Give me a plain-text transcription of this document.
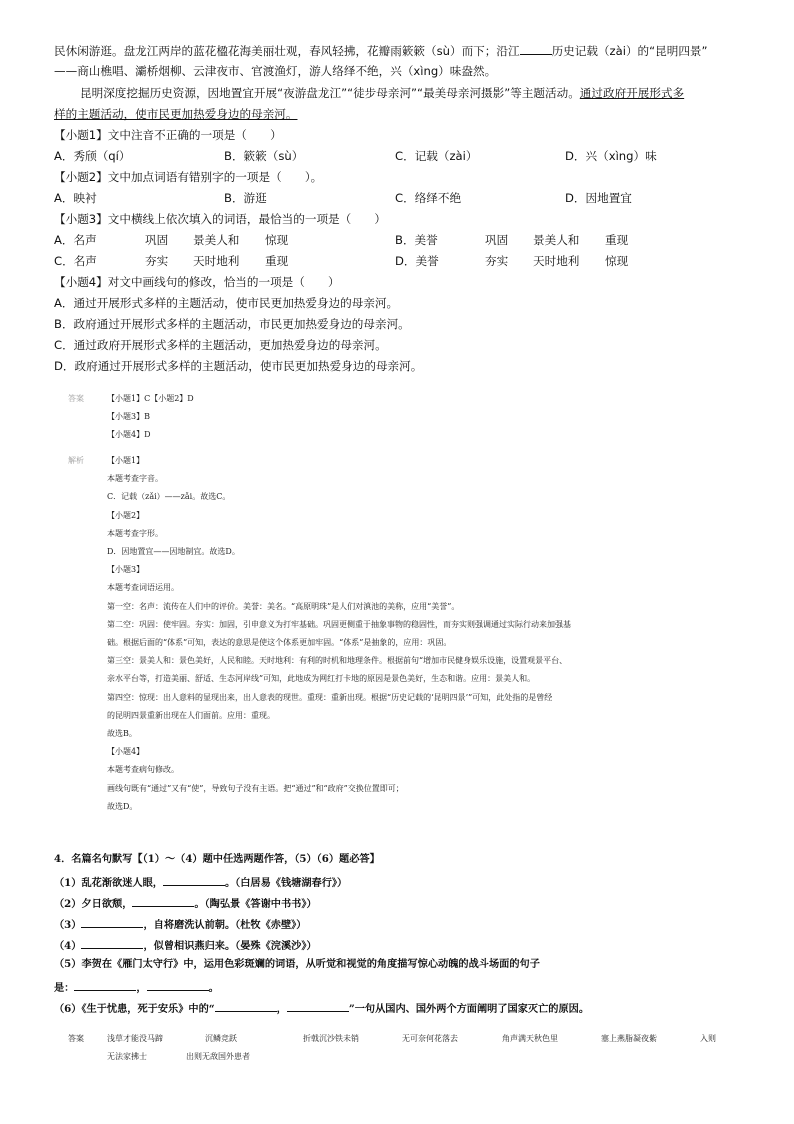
民休闲游逛。盘龙江两岸的蓝花楹花海美丽壮观，春风轻拂，花瓣雨簌簌（sù）而下；沿江	历史记载（zài）的“昆明四景”
——商山樵唱、灞桥烟柳、云津夜市、官渡渔灯，游人络绎不绝，兴（xìng）味盎然。
昆明深度挖掘历史资源，因地置宜开展“夜游盘龙江”“徒步母亲河”“最美母亲河摄影”等主题活动。通过政府开展形式多
样的主题活动，使市民更加热爱身边的母亲河。
【小题1】文中注音不正确的一项是（　　）
A．秀颀（qí）	B．簌簌（sù）	C．记载（zài）	D．兴（xìng）味
【小题2】文中加点词语有错别字的一项是（　　）。
A．映衬	B．游逛	C．络绎不绝	D．因地置宜
【小题3】文中横线上依次填入的词语，最恰当的一项是（　　）
A．名声	巩固 景美人和 惊现	B．美誉	巩固 景美人和 重现
C．名声	夯实 天时地利 重现	D．美誉	夯实 天时地利 惊现
【小题4】对文中画线句的修改，恰当的一项是（　　）
A．通过开展形式多样的主题活动，使市民更加热爱身边的母亲河。
B．政府通过开展形式多样的主题活动，市民更加热爱身边的母亲河。
C．通过政府开展形式多样的主题活动，更加热爱身边的母亲河。
D．政府通过开展形式多样的主题活动，使市民更加热爱身边的母亲河。
答案	【小题1】C【小题2】D
【小题3】B
【小题4】D
解析	【小题1】
本题考查字音。
C．记载（zǎi）——zǎi。故选C。
【小题2】
本题考查字形。
D．因地置宜——因地制宜。故选D。
【小题3】
本题考查词语运用。
第一空：名声：流传在人们中的评价。美誉：美名。“高原明珠”是人们对滇池的美称，应用“美誉”。
第二空：巩固：使牢固。夯实：加固，引申意义为打牢基础。巩固更侧重于抽象事物的稳固性，而夯实则强调通过实际行动来加强基
础。根据后面的“体系”可知，表达的意思是使这个体系更加牢固。“体系”是抽象的，应用：巩固。
第三空：景美人和：景色美好，人民和睦。天时地利：有利的时机和地理条件。根据前句“增加市民健身娱乐设施，设置观景平台、
亲水平台等，打造美丽、舒适、生态河岸线”可知，此地成为网红打卡地的原因是景色美好，生态和谐。应用：景美人和。
第四空：惊现：出人意料的显现出来，出人意表的现世。重现：重新出现。根据“历史记载的‘昆明四景’”可知，此处指的是曾经
的昆明四景重新出现在人们面前。应用：重现。
故选B。
【小题4】
本题考查病句修改。
画线句既有“通过”又有“使”，导致句子没有主语。把“通过”和“政府”交换位置即可；
故选D。
4．名篇名句默写【（1）～（4）题中任选两题作答，（5）（6）题必答】
（1）乱花渐欲迷人眼，	。（白居易《钱塘湖春行》）
（2）夕日欲颓，	。（陶弘景《答谢中书书》）
（3）	，自将磨洗认前朝。（杜牧《赤壁》）
（4）	，似曾相识燕归来。（晏殊《浣溪沙》）
（5）李贺在《雁门太守行》中，运用色彩斑斓的词语，从听觉和视觉的角度描写惊心动魄的战斗场面的句子
是：	，	。
（6）《生于忧患，死于安乐》中的“	，	”一句从国内、国外两个方面阐明了国家灭亡的原因。
答案	浅草才能没马蹄	沉鳞竞跃	折戟沉沙铁未销	无可奈何花落去	角声满天秋色里	塞上燕脂凝夜紫	入则
无法家拂士	出则无敌国外患者
